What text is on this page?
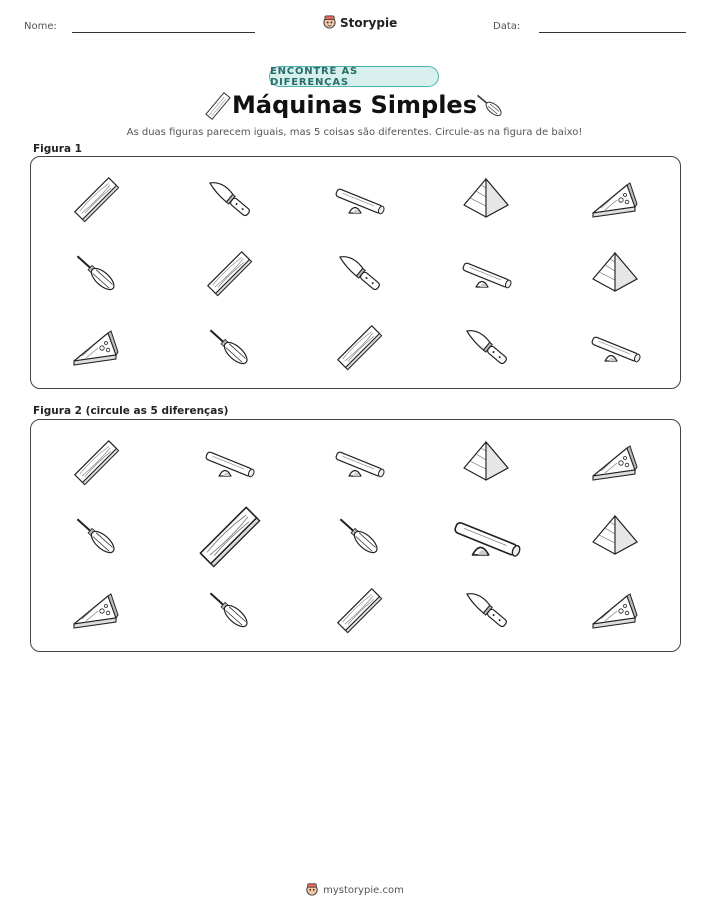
Nome:	Storypie	Data:
ENCONTRE AS DIFERENÇAS
Máquinas Simples
As duas figuras parecem iguais, mas 5 coisas são diferentes. Circule-as na figura de baixo!
Figura 1
Figura 2 (circule as 5 diferenças)
mystorypie.com
